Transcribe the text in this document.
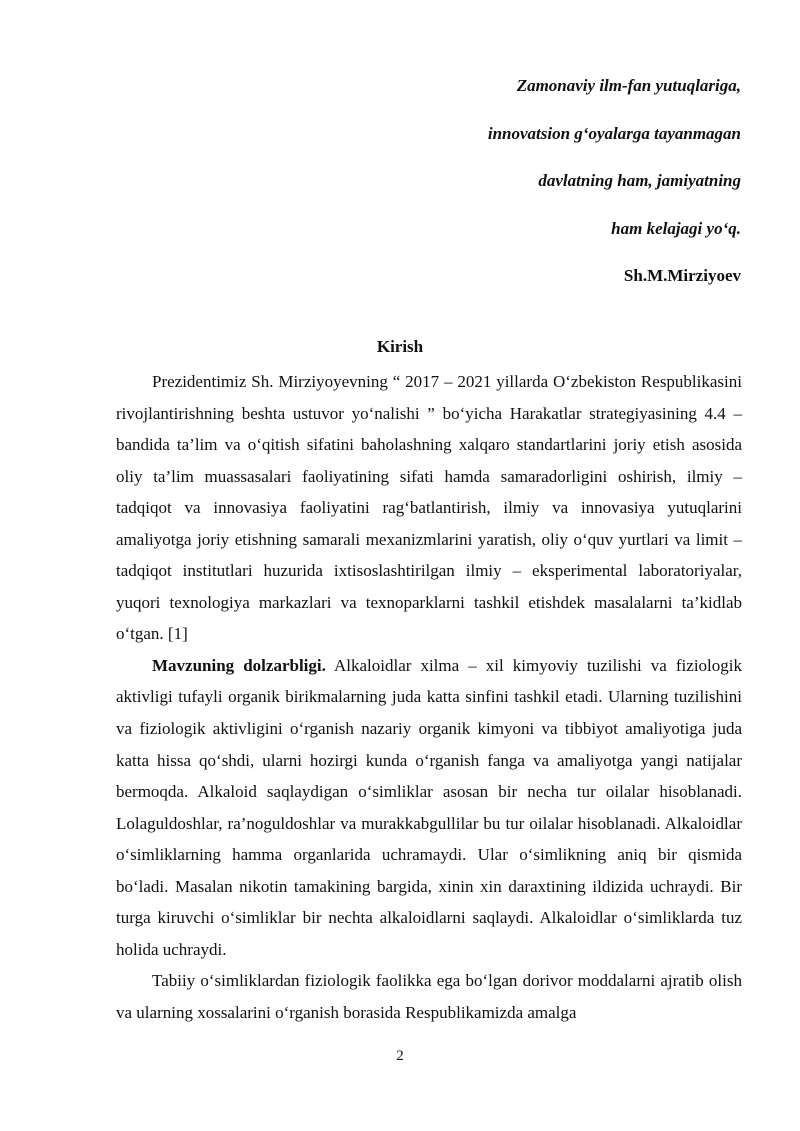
Zamonaviy ilm-fan yutuqlariga,
innovatsion g‘oyalarga tayanmagan
davlatning ham, jamiyatning
ham kelajagi yo‘q.
Sh.M.Mirziyoev
Kirish

Prezidentimiz Sh. Mirziyoyevning “ 2017 – 2021 yillarda O‘zbekiston Respublikasini rivojlantirishning beshta ustuvor yo‘nalishi ” bo‘yicha Harakatlar strategiyasining 4.4 – bandida ta’lim va o‘qitish sifatini baholashning xalqaro standartlarini joriy etish asosida oliy ta’lim muassasalari faoliyatining sifati hamda samaradorligini oshirish, ilmiy – tadqiqot va innovasiya faoliyatini rag‘batlantirish, ilmiy va innovasiya yutuqlarini amaliyotga joriy etishning samarali mexanizmlarini yaratish, oliy o‘quv yurtlari va limit – tadqiqot institutlari huzurida ixtisoslashtirilgan ilmiy – eksperimental laboratoriyalar, yuqori texnologiya markazlari va texnoparklarni tashkil etishdek masalalarni ta’kidlab o‘tgan. [1]

Mavzuning dolzarbligi. Alkaloidlar xilma – xil kimyoviy tuzilishi va fiziologik aktivligi tufayli organik birikmalarning juda katta sinfini tashkil etadi. Ularning tuzilishini va fiziologik aktivligini o‘rganish nazariy organik kimyoni va tibbiyot amaliyotiga juda katta hissa qo‘shdi, ularni hozirgi kunda o‘rganish fanga va amaliyotga yangi natijalar bermoqda. Alkaloid saqlaydigan o‘simliklar asosan bir necha tur oilalar hisoblanadi. Lolaguldoshlar, ra’noguldoshlar va murakkabgullilar bu tur oilalar hisoblanadi. Alkaloidlar o‘simliklarning hamma organlarida uchramaydi. Ular o‘simlikning aniq bir qismida bo‘ladi. Masalan nikotin tamakining bargida, xinin xin daraxtining ildizida uchraydi. Bir turga kiruvchi o‘simliklar bir nechta alkaloidlarni saqlaydi. Alkaloidlar o‘simliklarda tuz holida uchraydi.

Tabiiy o‘simliklardan fiziologik faolikka ega bo‘lgan dorivor moddalarni ajratib olish va ularning xossalarini o‘rganish borasida Respublikamizda amalga

2
